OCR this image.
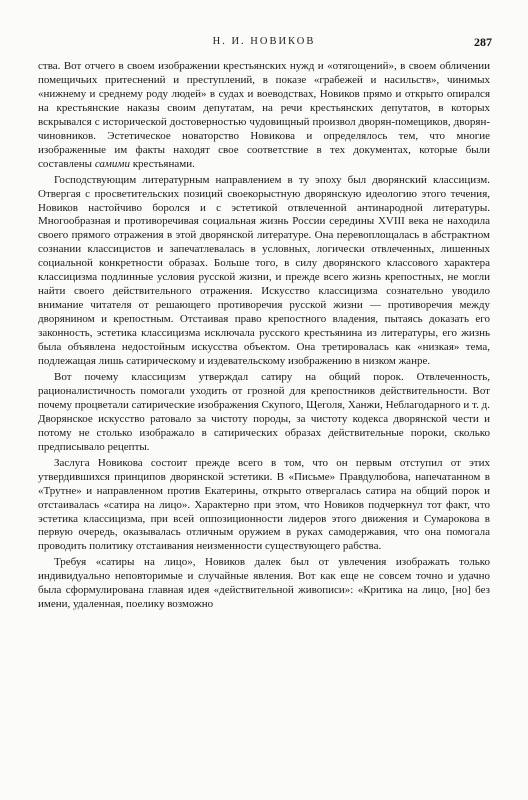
Н. И. НОВИКОВ	287

ства. Вот отчего в своем изображении крестьянских нужд и «отягощений», в своем обличении помещичьих притеснений и преступлений, в показе «грабежей и насильств», чинимых «нижнему и среднему роду людей» в судах и воеводствах, Новиков прямо и открыто опирался на крестьянские наказы своим депутатам, на речи крестьянских депутатов, в которых вскрывался с исторической достоверностью чудовищный произвол дворян-помещиков, дворян-чиновников. Эстетическое новаторство Новикова и определялось тем, что многие изображенные им факты находят свое соответствие в тех документах, которые были составлены самими крестьянами.

Господствующим литературным направлением в ту эпоху был дворянский классицизм. Отвергая с просветительских позиций своекорыстную дворянскую идеологию этого течения, Новиков настойчиво боролся и с эстетикой отвлеченной антинародной литературы. Многообразная и противоречивая социальная жизнь России середины XVIII века не находила своего прямого отражения в этой дворянской литературе. Она перевоплощалась в абстрактном сознании классицистов и запечатлевалась в условных, логически отвлеченных, лишенных социальной конкретности образах. Больше того, в силу дворянского классового характера классицизма подлинные условия русской жизни, и прежде всего жизнь крепостных, не могли найти своего действительного отражения. Искусство классицизма сознательно уводило внимание читателя от решающего противоречия русской жизни — противоречия между дворянином и крепостным. Отстаивая право крепостного владения, пытаясь доказать его законность, эстетика классицизма исключала русского крестьянина из литературы, его жизнь была объявлена недостойным искусства объектом. Она третировалась как «низкая» тема, подлежащая лишь сатирическому и издевательскому изображению в низком жанре.

Вот почему классицизм утверждал сатиру на общий порок. Отвлеченность, рационалистичность помогали уходить от грозной для крепостников действительности. Вот почему процветали сатирические изображения Скупого, Щеголя, Ханжи, Неблагодарного и т. д. Дворянское искусство ратовало за чистоту породы, за чистоту кодекса дворянской чести и потому не столько изображало в сатирических образах действительные пороки, сколько предписывало рецепты.

Заслуга Новикова состоит прежде всего в том, что он первым отступил от этих утвердившихся принципов дворянской эстетики. В «Письме» Правдулюбова, напечатанном в «Трутне» и направленном против Екатерины, открыто отвергалась сатира на общий порок и отстаивалась «сатира на лицо». Характерно при этом, что Новиков подчеркнул тот факт, что эстетика классицизма, при всей оппозиционности лидеров этого движения и Сумарокова в первую очередь, оказывалась отличным оружием в руках самодержавия, что она помогала проводить политику отстаивания неизменности существующего рабства.

Требуя «сатиры на лицо», Новиков далек был от увлечения изображать только индивидуально неповторимые и случайные явления. Вот как еще не совсем точно и удачно была сформулирована главная идея «действительной живописи»: «Критика на лицо, [но] без имени, удаленная, поелику возможно
